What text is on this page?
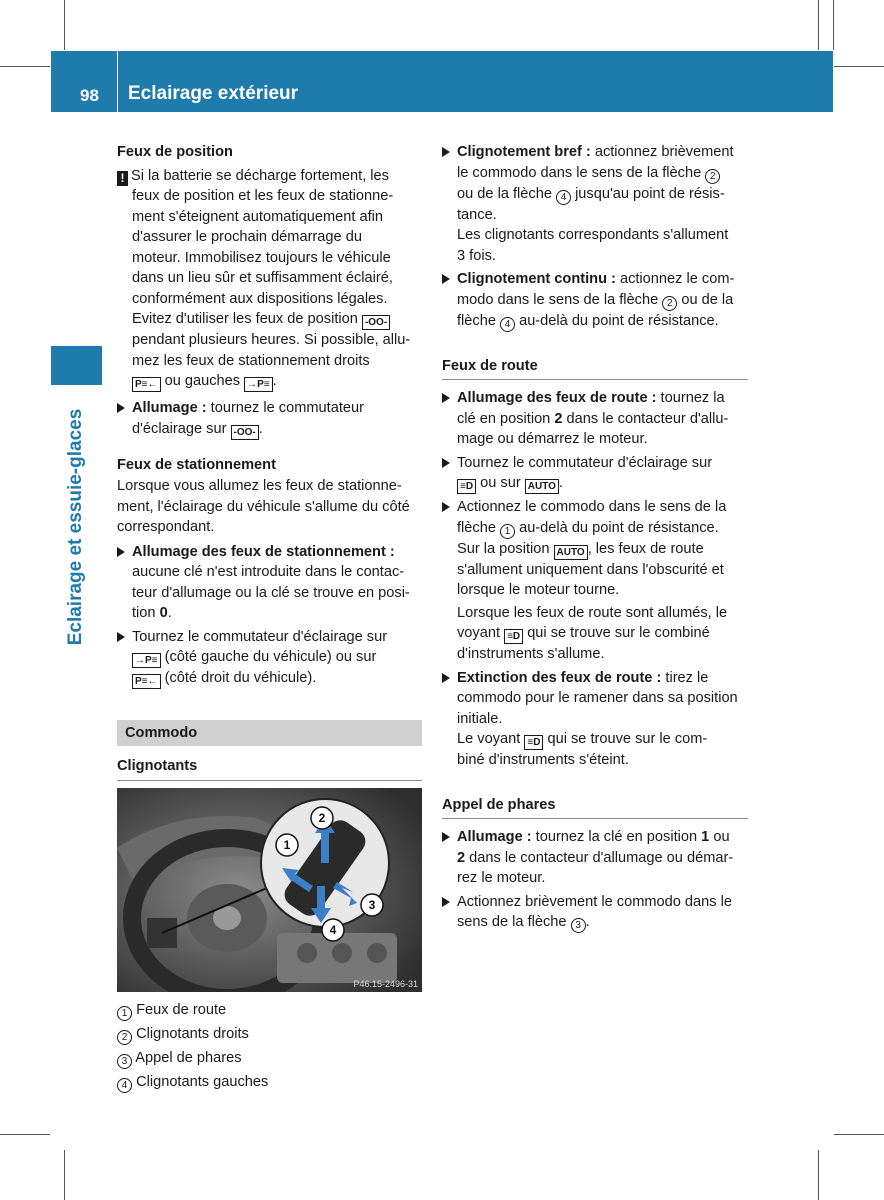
98 Eclairage extérieur
Eclairage et essuie-glaces
Feux de position
! Si la batterie se décharge fortement, les
feux de position et les feux de stationne-
ment s'éteignent automatiquement afin
d'assurer le prochain démarrage du
moteur. Immobilisez toujours le véhicule
dans un lieu sûr et suffisamment éclairé,
conformément aux dispositions légales.
Evitez d'utiliser les feux de position -OO-
pendant plusieurs heures. Si possible, allu-
mez les feux de stationnement droits
P≡← ou gauches →P≡ .
Allumage : tournez le commutateur
d'éclairage sur -OO- .
Feux de stationnement
Lorsque vous allumez les feux de stationne-
ment, l'éclairage du véhicule s'allume du côté
correspondant.
Allumage des feux de stationnement :
aucune clé n'est introduite dans le contac-
teur d'allumage ou la clé se trouve en posi-
tion 0.
Tournez le commutateur d'éclairage sur
→P≡ (côté gauche du véhicule) ou sur
P≡← (côté droit du véhicule).
Commodo
Clignotants
1
2
3
4
P46.15-2496-31
1 Feux de route
2 Clignotants droits
3 Appel de phares
4 Clignotants gauches
Clignotement bref : actionnez brièvement
le commodo dans le sens de la flèche 2
ou de la flèche 4 jusqu'au point de résis-
tance.
Les clignotants correspondants s'allument
3 fois.
Clignotement continu : actionnez le com-
modo dans le sens de la flèche 2 ou de la
flèche 4 au-delà du point de résistance.
Feux de route
Allumage des feux de route : tournez la
clé en position 2 dans le contacteur d'allu-
mage ou démarrez le moteur.
Tournez le commutateur d'éclairage sur
≡D ou sur AUTO .
Actionnez le commodo dans le sens de la
flèche 1 au-delà du point de résistance.
Sur la position AUTO , les feux de route
s'allument uniquement dans l'obscurité et
lorsque le moteur tourne.
Lorsque les feux de route sont allumés, le
voyant ≡D qui se trouve sur le combiné
d'instruments s'allume.
Extinction des feux de route : tirez le
commodo pour le ramener dans sa position
initiale.
Le voyant ≡D qui se trouve sur le com-
biné d'instruments s'éteint.
Appel de phares
Allumage : tournez la clé en position 1 ou
2 dans le contacteur d'allumage ou démar-
rez le moteur.
Actionnez brièvement le commodo dans le
sens de la flèche 3 .
